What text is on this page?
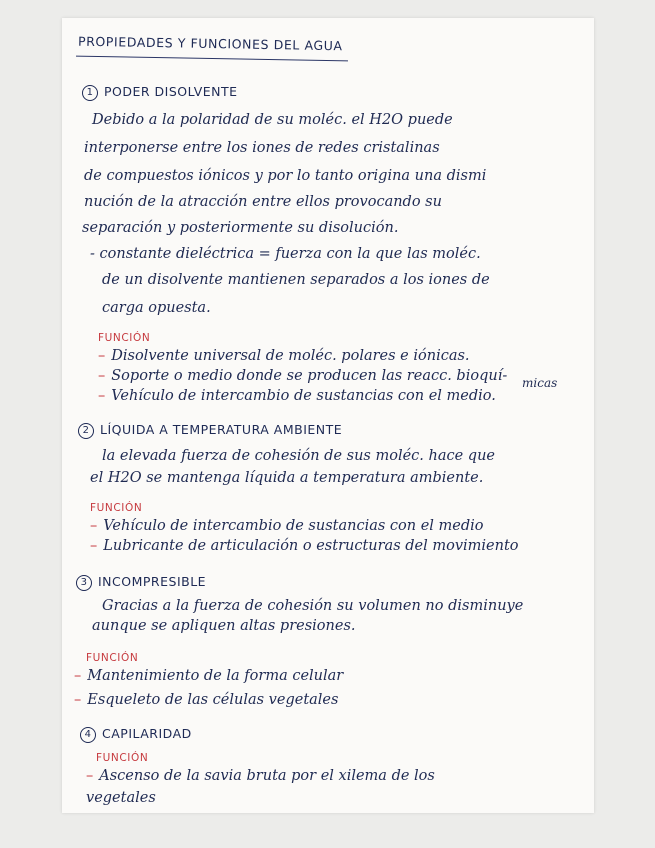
PROPIEDADES Y FUNCIONES DEL AGUA
1 PODER DISOLVENTE
Debido a la polaridad de su moléc. el H2O puede
interponerse entre los iones de redes cristalinas
de compuestos iónicos y por lo tanto origina una dismi
nución de la atracción entre ellos provocando su
separación y posteriormente su disolución.
- constante dieléctrica = fuerza con la que las moléc.
de un disolvente mantienen separados a los iones de
carga opuesta.
FUNCIÓN
– Disolvente universal de moléc. polares e iónicas.
– Soporte o medio donde se producen las reacc. bioquí- micas
– Vehículo de intercambio de sustancias con el medio.
2 LÍQUIDA A TEMPERATURA AMBIENTE
la elevada fuerza de cohesión de sus moléc. hace que
el H2O se mantenga líquida a temperatura ambiente.
FUNCIÓN
– Vehículo de intercambio de sustancias con el medio
– Lubricante de articulación o estructuras del movimiento
3 INCOMPRESIBLE
Gracias a la fuerza de cohesión su volumen no disminuye
aunque se apliquen altas presiones.
FUNCIÓN
– Mantenimiento de la forma celular
– Esqueleto de las células vegetales
4 CAPILARIDAD
FUNCIÓN
– Ascenso de la savia bruta por el xilema de los
vegetales
